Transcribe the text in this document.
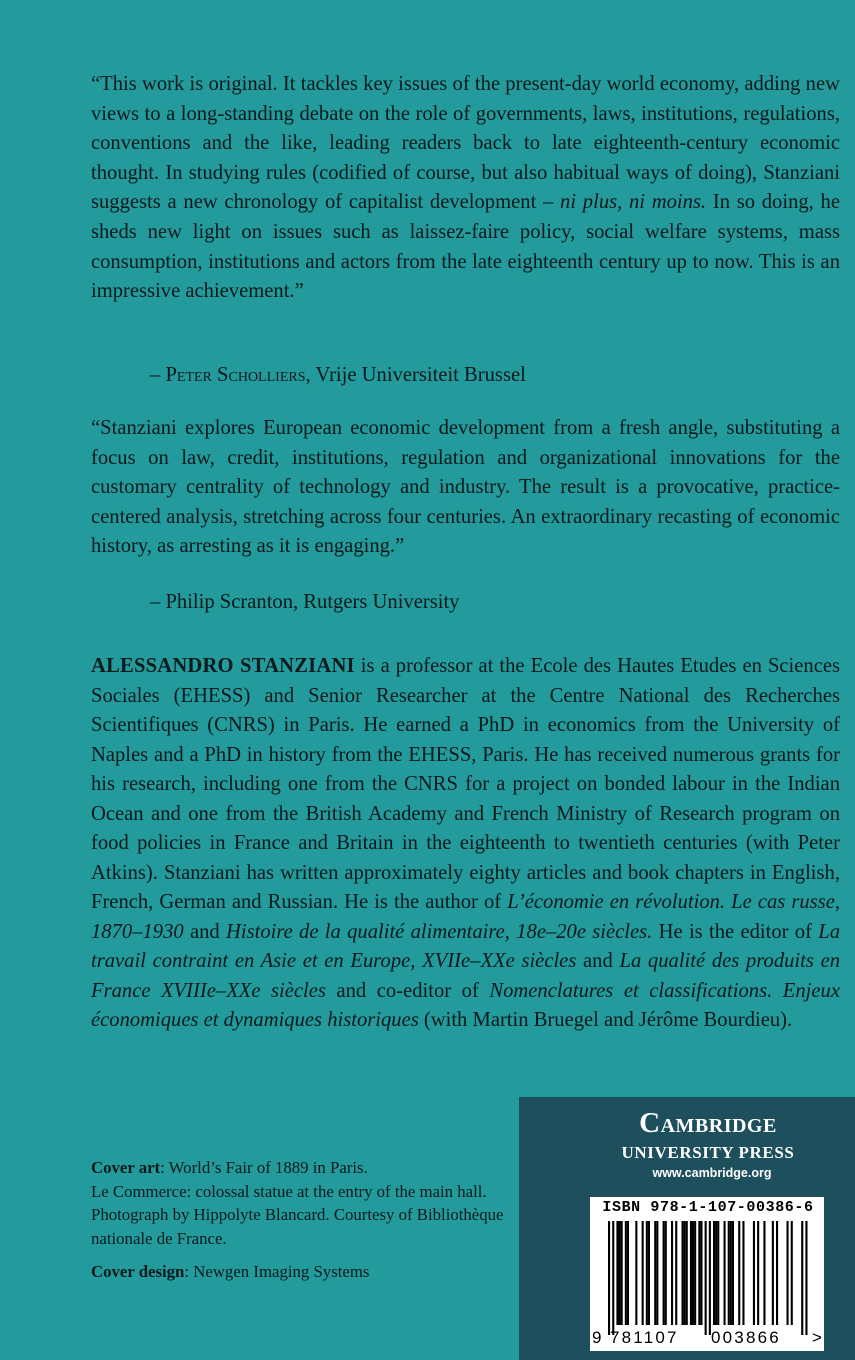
“This work is original. It tackles key issues of the present-day world economy, adding new views to a long-standing debate on the role of governments, laws, institutions, regulations, conventions and the like, leading readers back to late eighteenth-century economic thought. In studying rules (codified of course, but also habitual ways of doing), Stanziani suggests a new chronology of capitalist development – ni plus, ni moins. In so doing, he sheds new light on issues such as laissez-faire policy, social welfare systems, mass consumption, institutions and actors from the late eighteenth century up to now. This is an impressive achievement.”

– Peter Scholliers, Vrije Universiteit Brussel

“Stanziani explores European economic development from a fresh angle, substituting a focus on law, credit, institutions, regulation and organizational innovations for the customary centrality of technology and industry. The result is a provocative, practice-centered analysis, stretching across four centuries. An extraordinary recasting of economic history, as arresting as it is engaging.”

– Philip Scranton, Rutgers University

ALESSANDRO STANZIANI is a professor at the Ecole des Hautes Etudes en Sciences Sociales (EHESS) and Senior Researcher at the Centre National des Recherches Scientifiques (CNRS) in Paris. He earned a PhD in economics from the University of Naples and a PhD in history from the EHESS, Paris. He has received numerous grants for his research, including one from the CNRS for a project on bonded labour in the Indian Ocean and one from the British Academy and French Ministry of Research program on food policies in France and Britain in the eighteenth to twentieth centuries (with Peter Atkins). Stanziani has written approximately eighty articles and book chapters in English, French, German and Russian. He is the author of L’économie en révolution. Le cas russe, 1870–1930 and Histoire de la qualité alimentaire, 18e–20e siècles. He is the editor of La travail contraint en Asie et en Europe, XVIIe–XXe siècles and La qualité des produits en France XVIIIe–XXe siècles and co-editor of Nomenclatures et classifications. Enjeux économiques et dynamiques historiques (with Martin Bruegel and Jérôme Bourdieu).

Cover art: World’s Fair of 1889 in Paris.
Le Commerce: colossal statue at the entry of the main hall. Photograph by Hippolyte Blancard. Courtesy of Bibliothèque nationale de France.
Cover design: Newgen Imaging Systems
Cambridge
UNIVERSITY PRESS
www.cambridge.org
ISBN 978-1-107-00386-6
9 781107 003866 >
